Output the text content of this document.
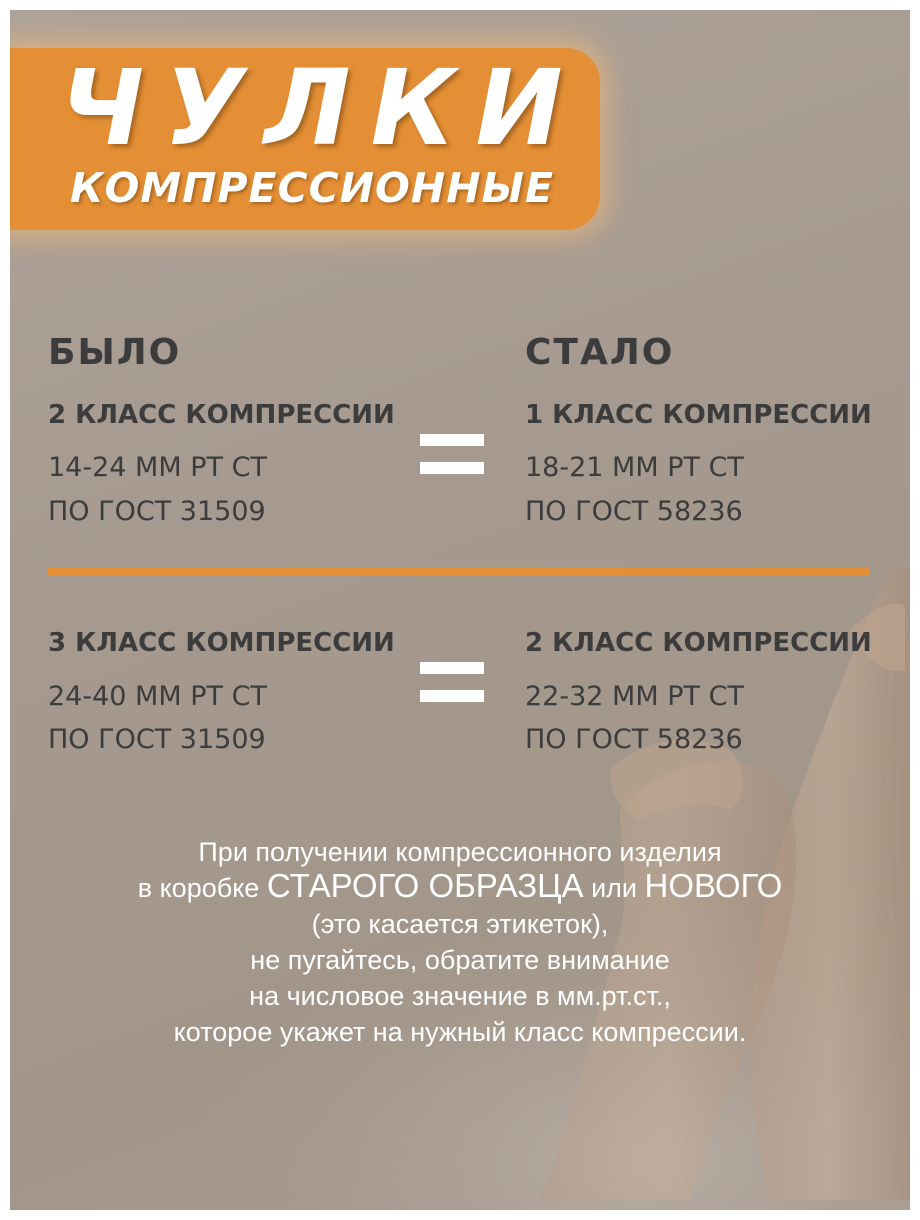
ЧУЛКИ
КОМПРЕССИОННЫЕ
БЫЛО	СТАЛО
2 КЛАСС КОМПРЕССИИ
14-24 ММ РТ СТ
ПО ГОСТ 31509
1 КЛАСС КОМПРЕССИИ
18-21 ММ РТ СТ
ПО ГОСТ 58236
3 КЛАСС КОМПРЕССИИ
24-40 ММ РТ СТ
ПО ГОСТ 31509
2 КЛАСС КОМПРЕССИИ
22-32 ММ РТ СТ
ПО ГОСТ 58236
При получении компрессионного изделия
в коробке СТАРОГО ОБРАЗЦА или НОВОГО
(это касается этикеток),
не пугайтесь, обратите внимание
на числовое значение в мм.рт.ст.,
которое укажет на нужный класс компрессии.
